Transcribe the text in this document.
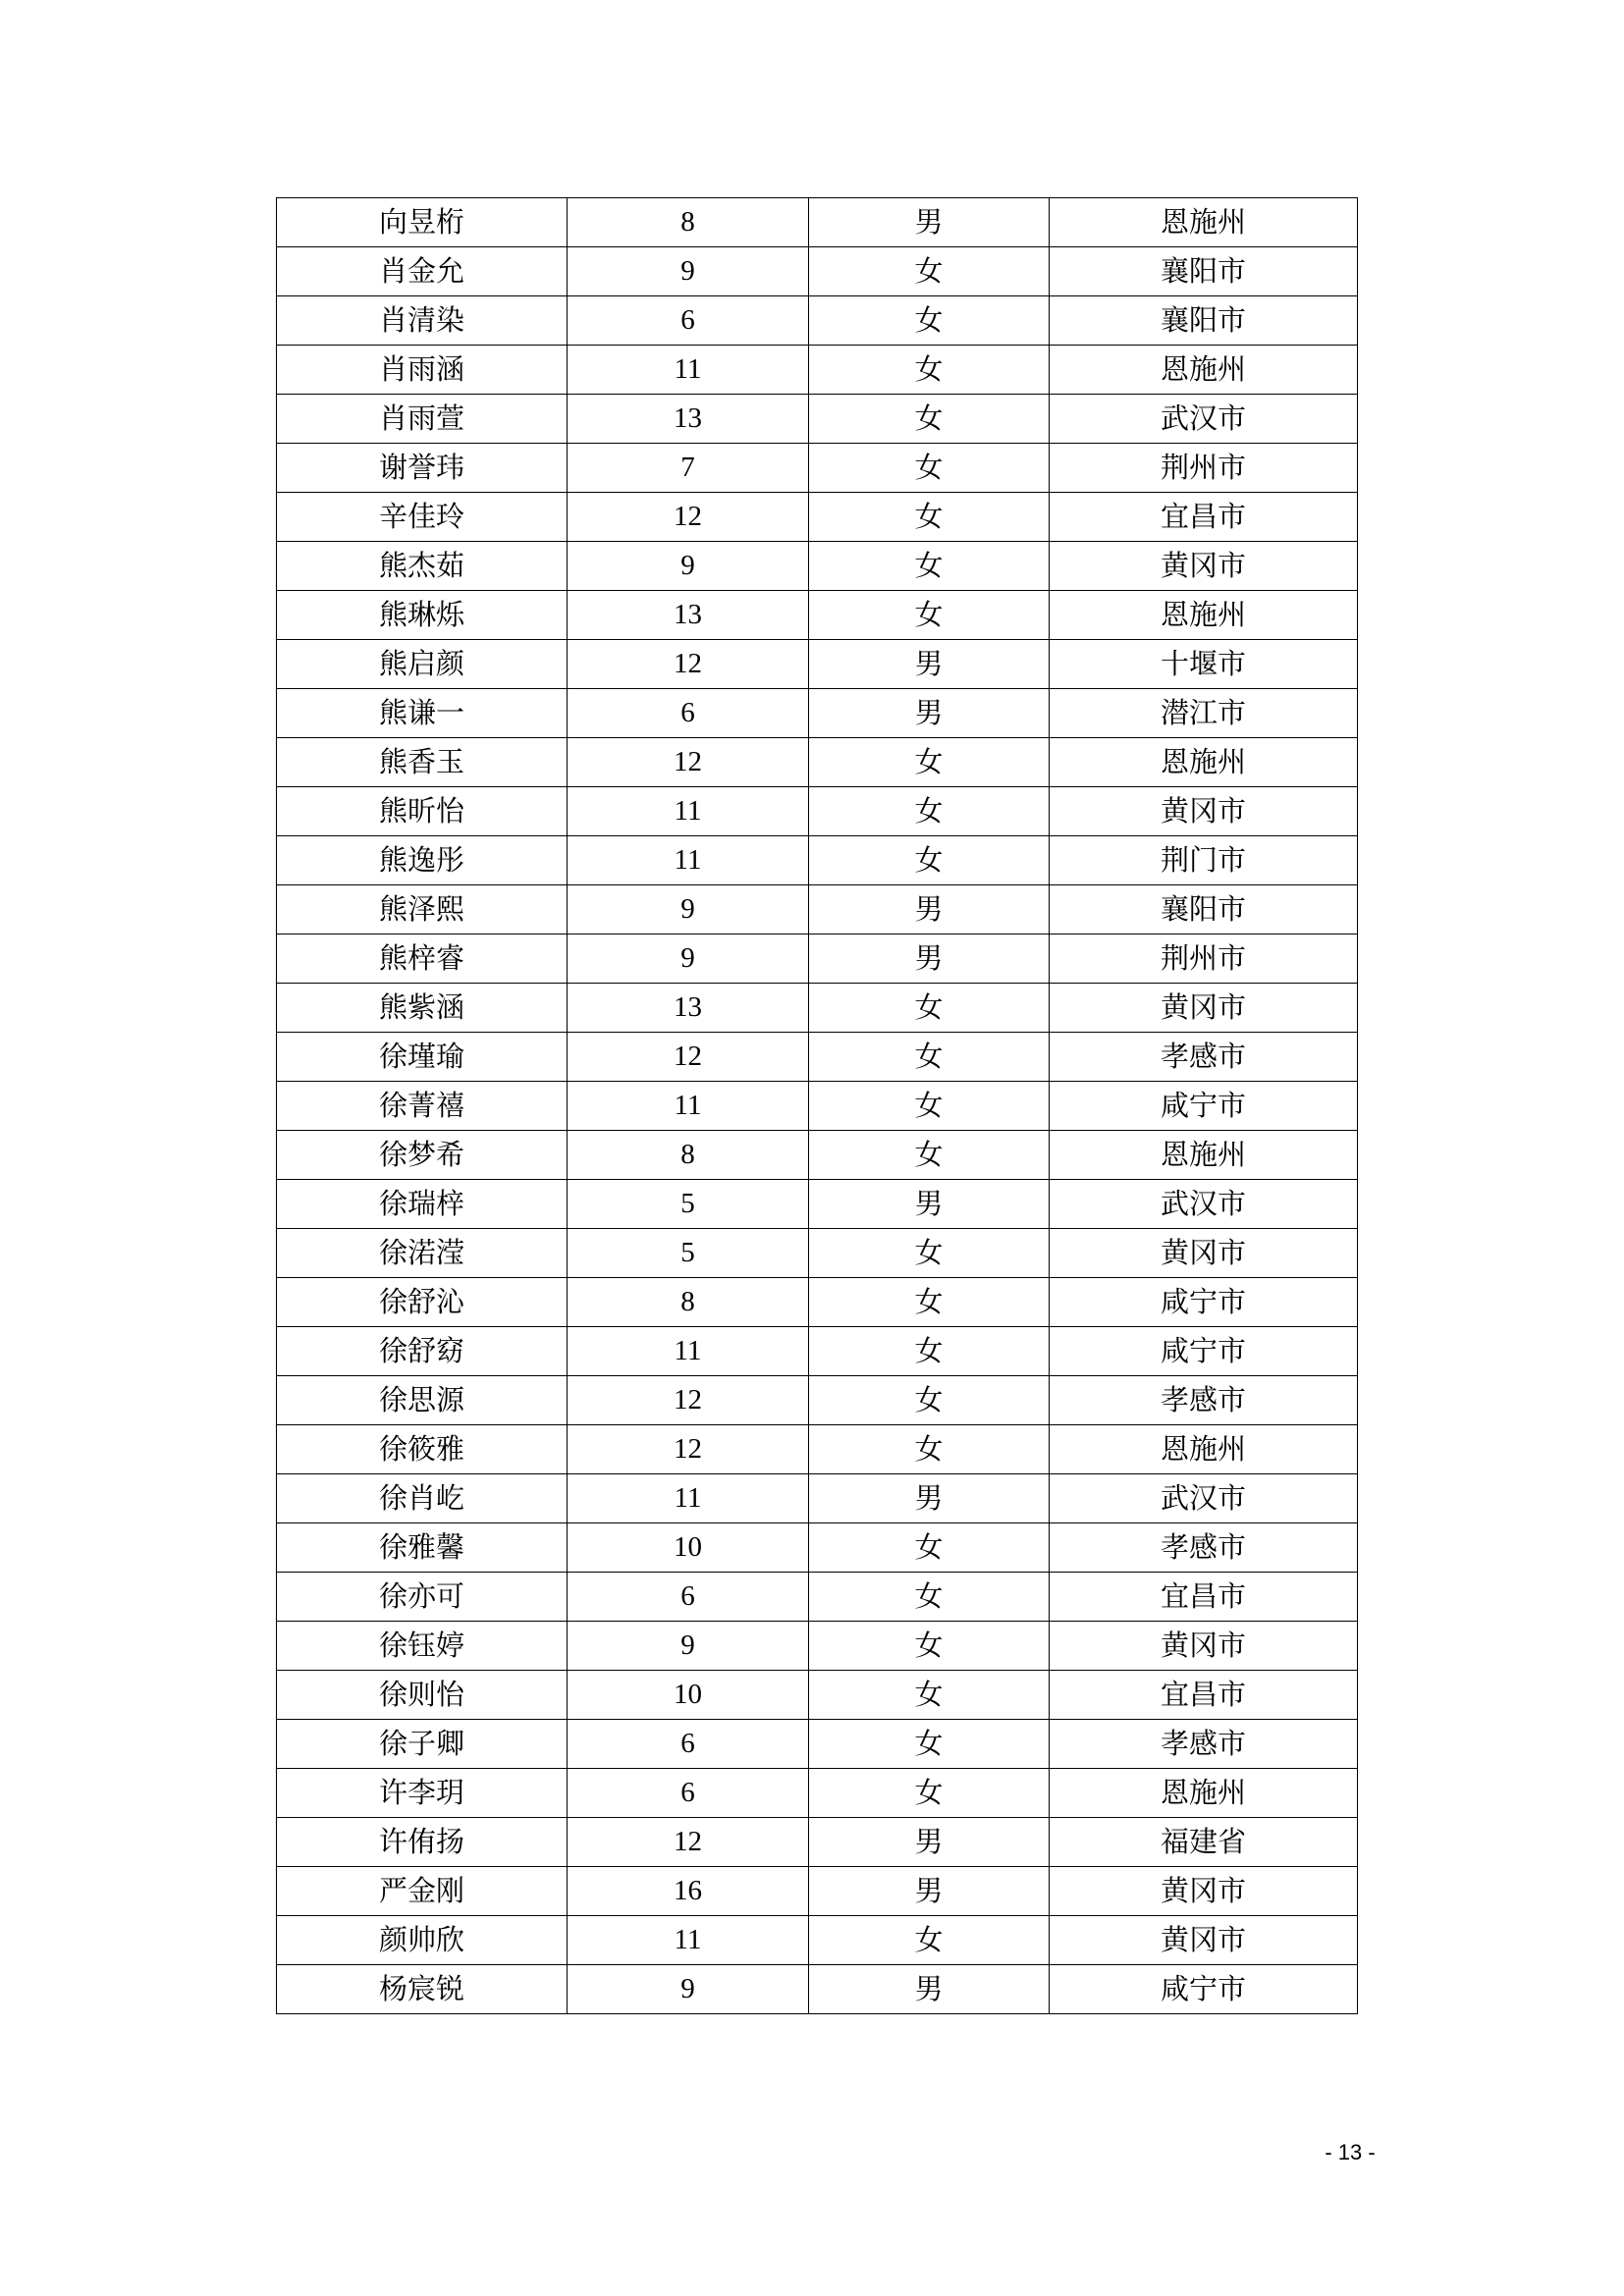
向昱桁	8	男	恩施州
肖金允	9	女	襄阳市
肖清染	6	女	襄阳市
肖雨涵	11	女	恩施州
肖雨萱	13	女	武汉市
谢誉玮	7	女	荆州市
辛佳玲	12	女	宜昌市
熊杰茹	9	女	黄冈市
熊琳烁	13	女	恩施州
熊启颜	12	男	十堰市
熊谦一	6	男	潜江市
熊香玉	12	女	恩施州
熊昕怡	11	女	黄冈市
熊逸彤	11	女	荆门市
熊泽熙	9	男	襄阳市
熊梓睿	9	男	荆州市
熊紫涵	13	女	黄冈市
徐瑾瑜	12	女	孝感市
徐菁禧	11	女	咸宁市
徐梦希	8	女	恩施州
徐瑞梓	5	男	武汉市
徐渃滢	5	女	黄冈市
徐舒沁	8	女	咸宁市
徐舒窈	11	女	咸宁市
徐思源	12	女	孝感市
徐筱雅	12	女	恩施州
徐肖屹	11	男	武汉市
徐雅馨	10	女	孝感市
徐亦可	6	女	宜昌市
徐钰婷	9	女	黄冈市
徐则怡	10	女	宜昌市
徐子卿	6	女	孝感市
许李玥	6	女	恩施州
许侑扬	12	男	福建省
严金刚	16	男	黄冈市
颜帅欣	11	女	黄冈市
杨宸锐	9	男	咸宁市
- 13 -
